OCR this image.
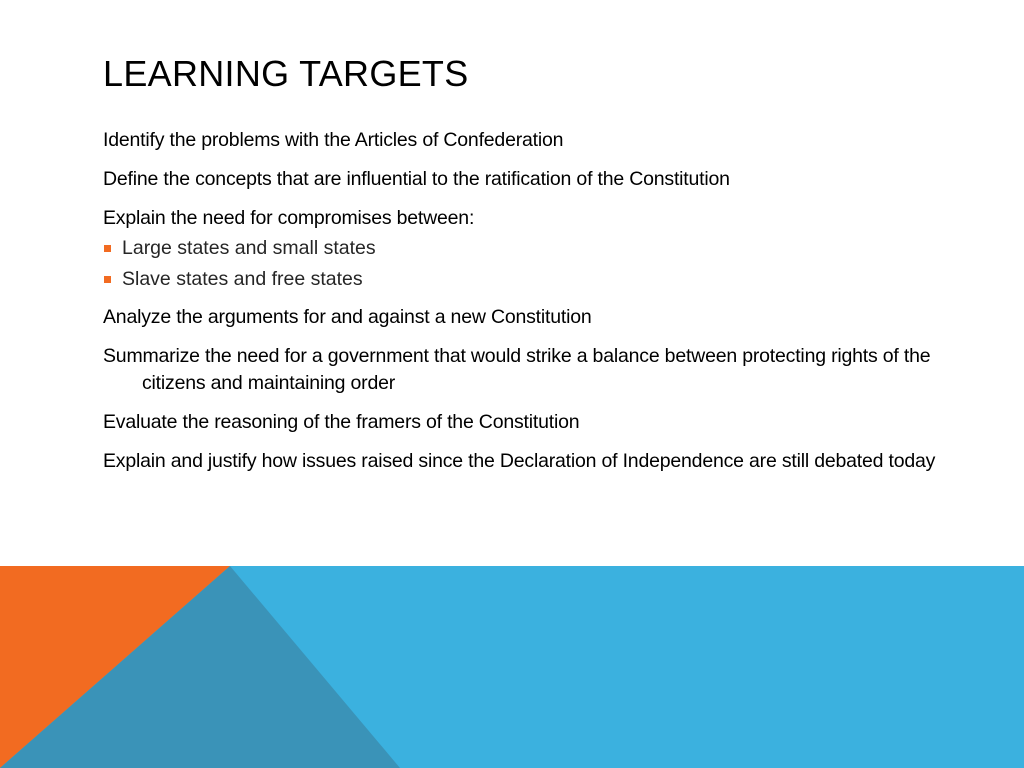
LEARNING TARGETS
Identify the problems with the Articles of Confederation
Define the concepts that are influential to the ratification of the Constitution
Explain the need for compromises between:
Large states and small states
Slave states and free states
Analyze the arguments for and against a new Constitution
Summarize the need for a government that would strike a balance between protecting rights of the citizens and maintaining order
Evaluate the reasoning of the framers of the Constitution
Explain and justify how issues raised since the Declaration of Independence are still debated today
